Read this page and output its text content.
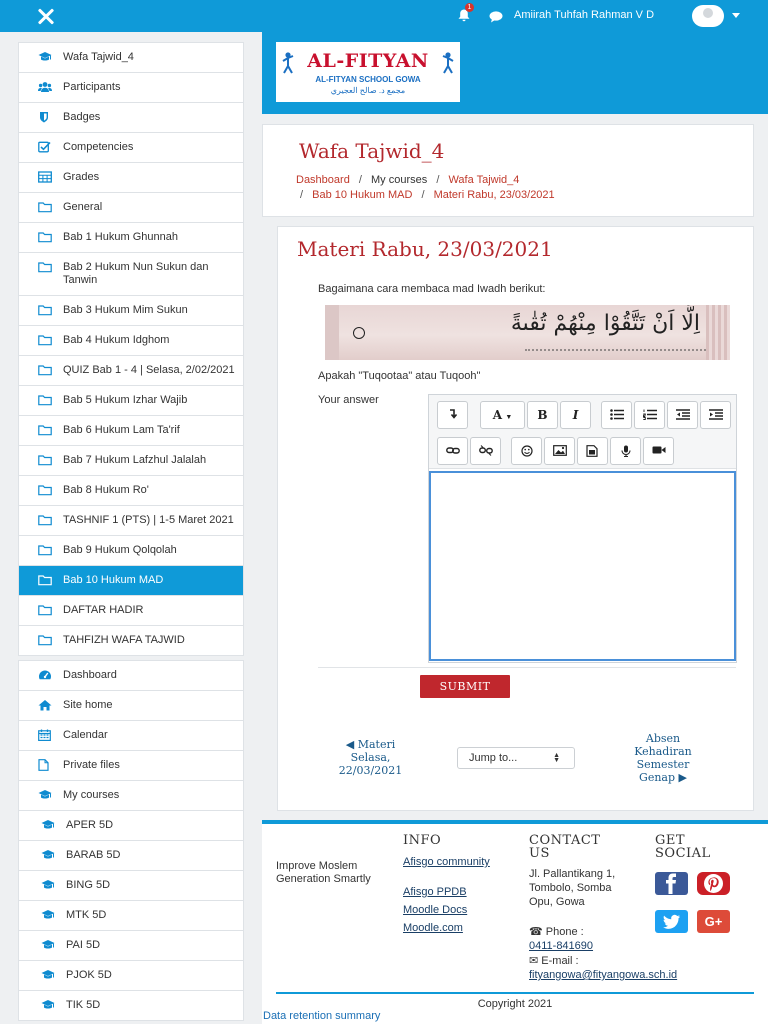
1
Amiirah Tuhfah Rahman V D
Wafa Tajwid_4
Participants
Badges
Competencies
Grades
General
Bab 1 Hukum Ghunnah
Bab 2 Hukum Nun Sukun dan Tanwin
Bab 3 Hukum Mim Sukun
Bab 4 Hukum Idghom
QUIZ Bab 1 - 4 | Selasa, 2/02/2021
Bab 5 Hukum Izhar Wajib
Bab 6 Hukum Lam Ta'rif
Bab 7 Hukum Lafzhul Jalalah
Bab 8 Hukum Ro'
TASHNIF 1 (PTS) | 1-5 Maret 2021
Bab 9 Hukum Qolqolah
Bab 10 Hukum MAD
DAFTAR HADIR
TAHFIZH WAFA TAJWID
Dashboard
Site home
Calendar
Private files
My courses
APER 5D
BARAB 5D
BING 5D
MTK 5D
PAI 5D
PJOK 5D
TIK 5D
AL-FITYAN
AL-FITYAN SCHOOL GOWA
مجمع د. صالح العجيري
Wafa Tajwid_4
Dashboard / My courses / Wafa Tajwid_4
/ Bab 10 Hukum MAD / Materi Rabu, 23/03/2021
Materi Rabu, 23/03/2021
Bagaimana cara membaca mad Iwadh berikut:
اِلَّا اَنْ تَتَّقُوْا مِنْهُمْ تُقٰىةً
Apakah "Tuqootaa" atau Tuqooh"
Your answer
A ▼	B	I
SUBMIT
◀ Materi Selasa, 22/03/2021
Jump to...	▲
▼
Absen Kehadiran Semester Genap ▶
Improve Moslem Generation Smartly
INFO
Afisgo community
Afisgo PPDB
Moodle Docs
Moodle.com
CONTACT US
Jl. Pallantikang 1, Tombolo, Somba Opu, Gowa
☎ Phone :
0411-841690
✉ E-mail :
fityangowa@fityangowa.sch.id
GET SOCIAL
G+
Copyright 2021
Data retention summary
